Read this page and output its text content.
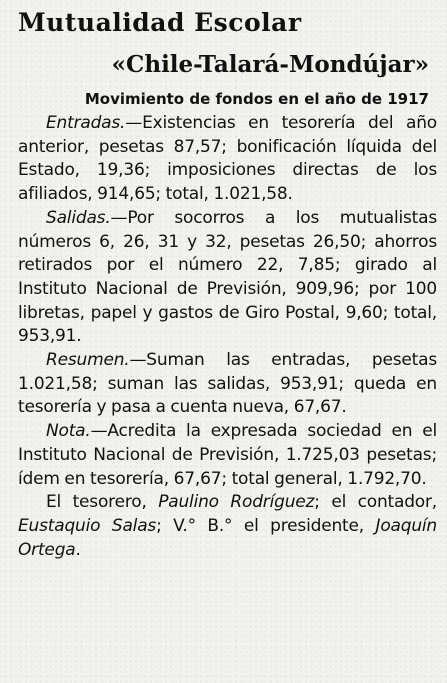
Mutualidad Escolar
«Chile-Talará-Mondújar»
Movimiento de fondos en el año de 1917

Entradas.—Existencias en tesorería del año anterior, pesetas 87,57; bonificación líquida del Estado, 19,36; imposiciones directas de los afiliados, 914,65; total, 1.021,58.

Salidas.—Por socorros a los mutualistas números 6, 26, 31 y 32, pesetas 26,50; ahorros retirados por el número 22, 7,85; girado al Instituto Nacional de Previsión, 909,96; por 100 libretas, papel y gastos de Giro Postal, 9,60; total, 953,91.

Resumen.—Suman las entradas, pesetas 1.021,58; suman las salidas, 953,91; queda en tesorería y pasa a cuenta nueva, 67,67.

Nota.—Acredita la expresada sociedad en el Instituto Nacional de Previsión, 1.725,03 pesetas; ídem en tesorería, 67,67; total general, 1.792,70.

El tesorero, Paulino Rodríguez; el contador, Eustaquio Salas; V.° B.° el presidente, Joaquín Ortega.
